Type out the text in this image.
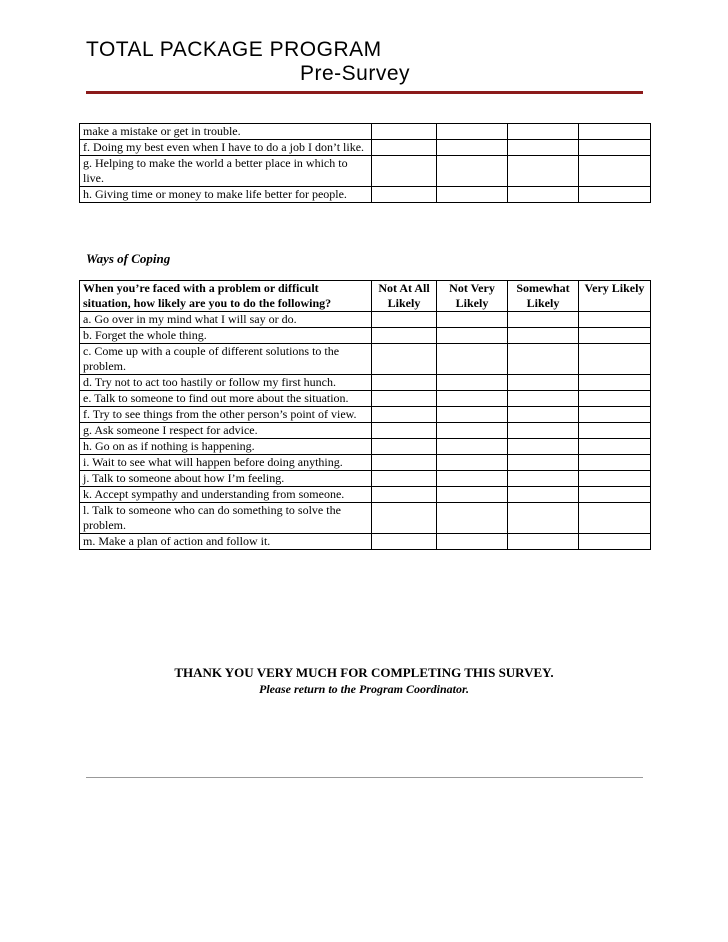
TOTAL PACKAGE PROGRAM
Pre-Survey
make a mistake or get in trouble.				
f. Doing my best even when I have to do a job I don’t like.				
g. Helping to make the world a better place in which to live.				
h. Giving time or money to make life better for people.				
Ways of Coping
When you’re faced with a problem or difficult situation, how likely are you to do the following?	Not At All Likely	Not Very Likely	Somewhat Likely	Very Likely
a. Go over in my mind what I will say or do.				
b. Forget the whole thing.				
c. Come up with a couple of different solutions to the problem.				
d. Try not to act too hastily or follow my first hunch.				
e. Talk to someone to find out more about the situation.				
f. Try to see things from the other person’s point of view.				
g. Ask someone I respect for advice.				
h. Go on as if nothing is happening.				
i. Wait to see what will happen before doing anything.				
j. Talk to someone about how I’m feeling.				
k. Accept sympathy and understanding from someone.				
l. Talk to someone who can do something to solve the problem.				
m. Make a plan of action and follow it.				
THANK YOU VERY MUCH FOR COMPLETING THIS SURVEY.
Please return to the Program Coordinator.
